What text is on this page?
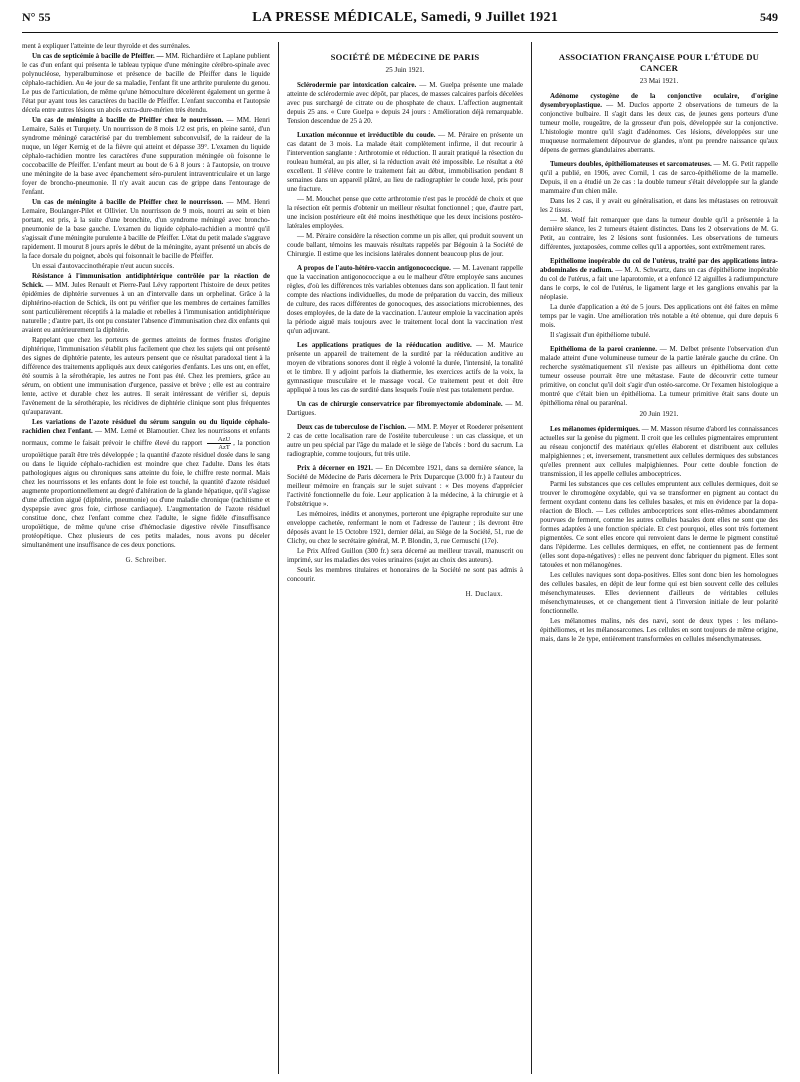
N° 55	LA PRESSE MÉDICALE, Samedi, 9 Juillet 1921	549

ment à expliquer l'atteinte de leur thyroïde et des surrénales.

Un cas de septicémie à bacille de Pfeiffer. — MM. Richardière et Laplane publient le cas d'un enfant qui présenta le tableau typique d'une méningite cérébro-spinale avec polynucléose, hyperalbuminose et présence de bacille de Pfeiffer dans le liquide céphalo-rachidien. Au 4e jour de sa maladie, l'enfant fit une arthrite purulente du genou. Le pus de l'articulation, de même qu'une hémoculture décelèrent également un germe à l'état pur ayant tous les caractères du bacille de Pfeiffer. L'enfant succomba et l'autopsie décela entre autres lésions un abcès extra-dure-mérien très étendu.

Un cas de méningite à bacille de Pfeiffer chez le nourrisson. — MM. Henri Lemaire, Salès et Turquety. Un nourrisson de 8 mois 1/2 est pris, en pleine santé, d'un syndrome méningé caractérisé par du tremblement subconvulsif, de la raideur de la nuque, un léger Kernig et de la fièvre qui atteint et dépasse 39°. L'examen du liquide céphalo-rachidien montre les caractères d'une suppuration méningée où foisonne le coccobacille de Pfeiffer. L'enfant meurt au bout de 6 à 8 jours : à l'autopsie, on trouve une méningite de la base avec épanchement séro-purulent intraventriculaire et un large foyer de broncho-pneumonie. Il n'y avait aucun cas de grippe dans l'entourage de l'enfant.

Un cas de méningite à bacille de Pfeiffer chez le nourrisson. — MM. Henri Lemaire, Boulanger-Pilet et Ollivier. Un nourrisson de 9 mois, nourri au sein et bien portant, est pris, à la suite d'une bronchite, d'un syndrome méningé avec broncho-pneumonie de la base gauche. L'examen du liquide céphalo-rachidien a montré qu'il s'agissait d'une méningite purulente à bacille de Pfeiffer. L'état du petit malade s'aggrave rapidement. Il mourut 8 jours après le début de la méningite, ayant présenté un abcès de la face dorsale du poignet, abcès qui foisonnait le bacille de Pfeiffer.

Un essai d'autovaccinothérapie n'eut aucun succès.

Résistance à l'immunisation antidiphtérique contrôlée par la réaction de Schick. — MM. Jules Renault et Pierre-Paul Lévy rapportent l'histoire de deux petites épidémies de diphtérie survenues à un an d'intervalle dans un orphelinat. Grâce à la diphtérino-réaction de Schick, ils ont pu vérifier que les membres de certaines familles sont particulièrement réceptifs à la maladie et rebelles à l'immunisation antidiphtérique naturelle ; d'autre part, ils ont pu constater l'absence d'immunisation chez dix enfants qui avaient eu antérieurement la diphtérie.

Rappelant que chez les porteurs de germes atteints de formes frustes d'origine diphtérique, l'immunisation s'établit plus facilement que chez les sujets qui ont présenté des signes de diphtérie patente, les auteurs pensent que ce résultat paradoxal tient à la différence des traitements appliqués aux deux catégories d'enfants. Les uns ont, en effet, été soumis à la sérothérapie, les autres ne l'ont pas été. Chez les premiers, grâce au sérum, on obtient une immunisation d'urgence, passive et brève ; elle est au contraire lente, active et durable chez les autres. Il serait intéressant de vérifier si, depuis l'avènement de la sérothérapie, les récidives de diphtérie clinique sont plus fréquentes qu'auparavant.

Les variations de l'azote résiduel du sérum sanguin ou du liquide céphalo-rachidien chez l'enfant. — MM. Lemé et Blamoutier. Chez les nourrissons et enfants normaux, comme le faisait prévoir le chiffre élevé du rapport $\frac{\text{AzU}}{\text{AzT}}$ , la ponction uropoïétique paraît être très développée ; la quantité d'azote résiduel dosée dans le sang ou dans le liquide céphalo-rachidien est moindre que chez l'adulte. Dans les états pathologiques aigus ou chroniques sans atteinte du foie, le chiffre reste normal. Mais chez les nourrissons et les enfants dont le foie est touché, la quantité d'azote résiduel augmente proportionnellement au degré d'altération de la glande hépatique, qu'il s'agisse d'une affection aiguë (diphtérie, pneumonie) ou d'une maladie chronique (rachitisme et dyspepsie avec gros foie, cirrhose cardiaque). L'augmentation de l'azote résiduel constitue donc, chez l'enfant comme chez l'adulte, le signe fidèle d'insuffisance uropoïétique, de même qu'une crise d'hémoclasie digestive révèle l'insuffisance protéopétique. Chez plusieurs de ces petits malades, nous avons pu déceler simultanément une insuffisance de ces deux ponctions.

G. Schreiber.

SOCIÉTÉ DE MÉDECINE DE PARIS

25 Juin 1921.

Sclérodermie par intoxication calcaire. — M. Guelpa présente une malade atteinte de sclérodermie avec dépôt, par places, de masses calcaires parfois décelées avec pus surchargé de citrate ou de phosphate de chaux. L'affection augmentait depuis 25 ans. « Cure Guelpa » depuis 24 jours : Amélioration déjà remarquable. Tension descendue de 25 à 20.

Luxation méconnue et irréductible du coude. — M. Péraire en présente un cas datant de 3 mois. La malade était complètement infirme, il dut recourir à l'intervention sanglante : Arthrotomie et réduction. Il aurait pratiqué la résection du rouleau huméral, au pis aller, si la réduction avait été impossible. Le résultat a été excellent. Il s'élève contre le traitement fait au début, immobilisation pendant 8 semaines dans un appareil plâtré, au lieu de radiographier le coude luxé, pris pour une fracture.

— M. Mouchet pense que cette arthrotomie n'est pas le procédé de choix et que la résection eût permis d'obtenir un meilleur résultat fonctionnel ; que, d'autre part, une incision postérieure eût été moins inesthétique que les deux incisions postéro-latérales employées.

— M. Péraire considère la résection comme un pis aller, qui produit souvent un coude ballant, témoins les mauvais résultats rappelés par Bégouin à la Société de Chirurgie. Il estime que les incisions latérales donnent beaucoup plus de jour.

A propos de l'auto-hétéro-vaccin antigonococcique. — M. Lavenant rappelle que la vaccination antigonococcique a eu le malheur d'être employée sans aucunes règles, d'où les différences très variables obtenues dans son application. Il faut tenir compte des réactions individuelles, du mode de préparation du vaccin, des milieux de culture, des races différentes de gonocoques, des associations microbiennes, des doses employées, de la date de la vaccination. L'auteur emploie la vaccination après la période aiguë mais toujours avec le traitement local dont la vaccination n'est qu'un adjuvant.

Les applications pratiques de la rééducation auditive. — M. Maurice présente un appareil de traitement de la surdité par la rééducation auditive au moyen de vibrations sonores dont il règle à volonté la durée, l'intensité, la tonalité et le timbre. Il y adjoint parfois la diathermie, les exercices actifs de la voix, la gymnastique musculaire et le massage vocal. Ce traitement peut et doit être appliqué à tous les cas de surdité dans lesquels l'ouïe n'est pas totalement perdue.

Un cas de chirurgie conservatrice par fibromyectomie abdominale. — M. Dartigues.

Deux cas de tuberculose de l'ischion. — MM. P. Meyer et Roederer présentent 2 cas de cette localisation rare de l'ostéite tuberculeuse : un cas classique, et un autre un peu spécial par l'âge du malade et le siège de l'abcès : bord du sacrum. La radiographie, comme toujours, fut très utile.

Prix à décerner en 1921. — En Décembre 1921, dans sa dernière séance, la Société de Médecine de Paris décernera le Prix Duparcque (3.000 fr.) à l'auteur du meilleur mémoire en français sur le sujet suivant : « Des moyens d'apprécier l'activité fonctionnelle du foie. Leur application à la médecine, à la chirurgie et à l'obstétrique ».

Les mémoires, inédits et anonymes, porteront une épigraphe reproduite sur une enveloppe cachetée, renfermant le nom et l'adresse de l'auteur ; ils devront être déposés avant le 15 Octobre 1921, dernier délai, au Siège de la Société, 51, rue de Clichy, ou chez le secrétaire général, M. P. Blondin, 3, rue Cernuschi (17e).

Le Prix Alfred Guillon (300 fr.) sera décerné au meilleur travail, manuscrit ou imprimé, sur les maladies des voies urinaires (sujet au choix des auteurs).

Seuls les membres titulaires et honoraires de la Société ne sont pas admis à concourir.

H. Duclaux.

ASSOCIATION FRANÇAISE POUR L'ÉTUDE DU CANCER

23 Mai 1921.

Adénome cystogène de la conjonctive oculaire, d'origine dysembryoplastique. — M. Duclos apporte 2 observations de tumeurs de la conjonctive bulbaire. Il s'agit dans les deux cas, de jeunes gens porteurs d'une tumeur molle, rougeâtre, de la grosseur d'un pois, développée sur la conjonctive. L'histologie montre qu'il s'agit d'adénomes. Ces lésions, développées sur une muqueuse normalement dépourvue de glandes, n'ont pu prendre naissance qu'aux dépens de germes glandulaires aberrants.

Tumeurs doubles, épithéliomateuses et sarcomateuses. — M. G. Petit rappelle qu'il a publié, en 1906, avec Cornil, 1 cas de sarco-épithéliome de la mamelle. Depuis, il en a étudié un 2e cas : la double tumeur s'était développée sur la glande mammaire d'un chien mâle.

Dans les 2 cas, il y avait eu généralisation, et dans les métastases on retrouvait les 2 tissus.

— M. Wolf fait remarquer que dans la tumeur double qu'il a présentée à la dernière séance, les 2 tumeurs étaient distinctes. Dans les 2 observations de M. G. Petit, au contraire, les 2 lésions sont fusionnées. Les observations de tumeurs différentes, juxtaposées, comme celles qu'il a apportées, sont extrêmement rares.

Epithéliome inopérable du col de l'utérus, traité par des applications intra-abdominales de radium. — M. A. Schwartz, dans un cas d'épithéliome inopérable du col de l'utérus, a fait une laparotomie, et a enfoncé 12 aiguilles à radiumpuncture dans le corps, le col de l'utérus, le ligament large et les ganglions envahis par la néoplasie.

La durée d'application a été de 5 jours. Des applications ont été faites en même temps par le vagin. Une amélioration très notable a été obtenue, qui dure depuis 6 mois.

Il s'agissait d'un épithéliome tubulé.

Epithélioma de la paroi cranienne. — M. Delbet présente l'observation d'un malade atteint d'une volumineuse tumeur de la partie latérale gauche du crâne. On recherche systématiquement s'il n'existe pas ailleurs un épithélioma dont cette tumeur osseuse pourrait être une métastase. Faute de découvrir cette tumeur primitive, on conclut qu'il doit s'agir d'un ostéo-sarcome. Or l'examen histologique a montré que c'était bien un épithélioma. La tumeur primitive était sans doute un épithélioma rénal ou pararénal.

20 Juin 1921.

Les mélanomes épidermiques. — M. Masson résume d'abord les connaissances actuelles sur la genèse du pigment. Il croit que les cellules pigmentaires empruntent au réseau conjonctif des matériaux qu'elles élaborent et distribuent aux cellules malpighiennes ; et, inversement, transmettent aux cellules dermiques des substances qu'elles prennent aux cellules malpighiennes. Pour cette double fonction de transmission, il les appelle cellules amboceptrices.

Parmi les substances que ces cellules empruntent aux cellules dermiques, doit se trouver le chromogène oxydable, qui va se transformer en pigment au contact du ferment oxydant contenu dans les cellules basales, et mis en évidence par la dopa-réaction de Bloch. — Les cellules amboceptrices sont elles-mêmes abondamment pourvues de ferment, comme les autres cellules basales dont elles ne sont que des formes adaptées à une fonction spéciale. Et c'est pourquoi, elles sont très fortement pigmentées. Ce sont elles encore qui renvoient dans le derme le pigment constitué dans l'épiderme. Les cellules dermiques, en effet, ne contiennent pas de ferment (elles sont dopa-négatives) : elles ne peuvent donc fabriquer du pigment. Elles sont tatouées et non mélanogènes.

Les cellules naviques sont dopa-positives. Elles sont donc bien les homologues des cellules basales, en dépit de leur forme qui est bien souvent celle des cellules mésenchymateuses. Elles deviennent d'ailleurs de véritables cellules mésenchymateuses, et ce changement tient à l'inversion initiale de leur polarité fonctionnelle.

Les mélanomes malins, nés des nævi, sont de deux types : les mélano-épithéliomes, et les mélanosarcomes. Les cellules en sont toujours de même origine, mais, dans le 2e type, entièrement transformées en cellules mésenchymateuses.
